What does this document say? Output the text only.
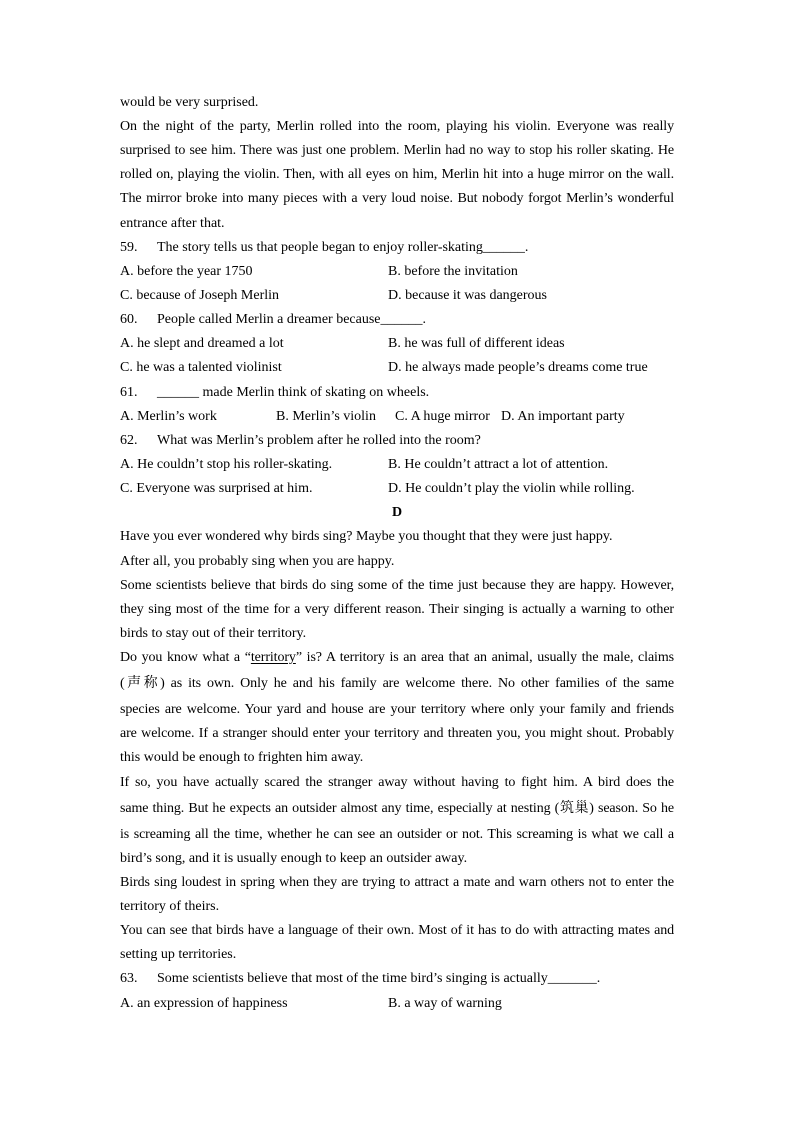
would be very surprised.
On the night of the party, Merlin rolled into the room, playing his violin. Everyone was really
surprised to see him. There was just one problem. Merlin had no way to stop his roller skating. He
rolled on, playing the violin. Then, with all eyes on him, Merlin hit into a huge mirror on the wall.
The mirror broke into many pieces with a very loud noise. But nobody forgot Merlin’s wonderful
entrance after that.
59. The story tells us that people began to enjoy roller-skating______.
A. before the year 1750	B. before the invitation
C. because of Joseph Merlin	D. because it was dangerous
60. People called Merlin a dreamer because______.
A. he slept and dreamed a lot	B. he was full of different ideas
C. he was a talented violinist	D. he always made people’s dreams come true
61. ______ made Merlin think of skating on wheels.
A. Merlin’s work	B. Merlin’s violin C. A huge mirror D. An important party
62. What was Merlin’s problem after he rolled into the room?
A. He couldn’t stop his roller-skating.	B. He couldn’t attract a lot of attention.
C. Everyone was surprised at him.	D. He couldn’t play the violin while rolling.
D
Have you ever wondered why birds sing? Maybe you thought that they were just happy.
After all, you probably sing when you are happy.
Some scientists believe that birds do sing some of the time just because they are happy. However,
they sing most of the time for a very different reason. Their singing is actually a warning to other
birds to stay out of their territory.
Do you know what a “territory” is? A territory is an area that an animal, usually the male, claims
(声称) as its own. Only he and his family are welcome there. No other families of the same
species are welcome. Your yard and house are your territory where only your family and friends
are welcome. If a stranger should enter your territory and threaten you, you might shout. Probably
this would be enough to frighten him away.
If so, you have actually scared the stranger away without having to fight him. A bird does the
same thing. But he expects an outsider almost any time, especially at nesting (筑巢) season. So he
is screaming all the time, whether he can see an outsider or not. This screaming is what we call a
bird’s song, and it is usually enough to keep an outsider away.
Birds sing loudest in spring when they are trying to attract a mate and warn others not to enter the
territory of theirs.
You can see that birds have a language of their own. Most of it has to do with attracting mates and
setting up territories.
63. Some scientists believe that most of the time bird’s singing is actually_______.
A. an expression of happiness	B. a way of warning
